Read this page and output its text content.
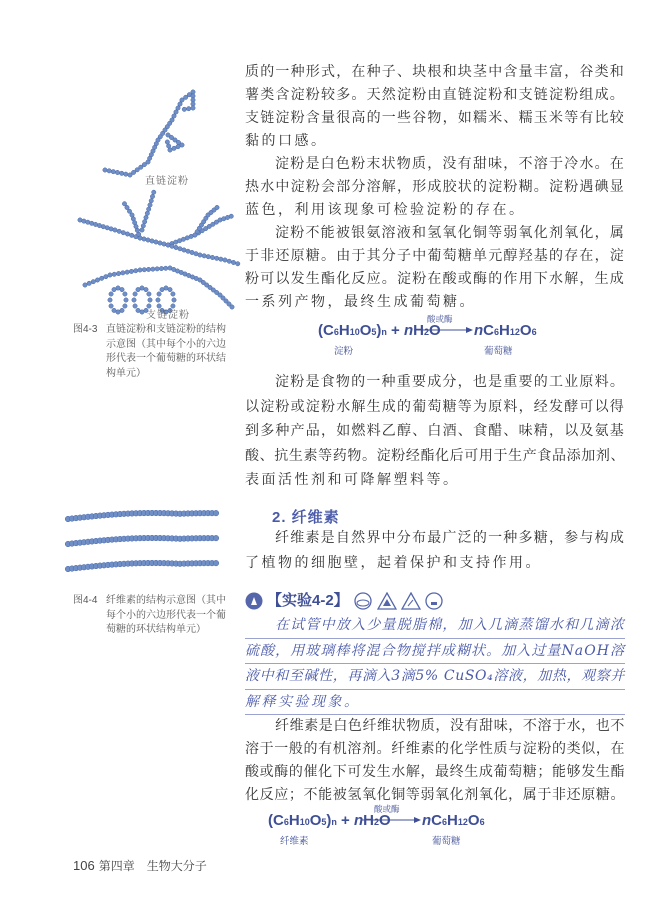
直链淀粉
支链淀粉
图4-3 直链淀粉和支链淀粉的结构
示意图（其中每个小的六边
形代表一个葡萄糖的环状结
构单元）
图4-4 纤维素的结构示意图（其中
每个小的六边形代表一个葡
萄糖的环状结构单元）
质的一种形式，在种子、块根和块茎中含量丰富，谷类和
薯类含淀粉较多。天然淀粉由直链淀粉和支链淀粉组成。
支链淀粉含量很高的一些谷物，如糯米、糯玉米等有比较
黏的口感。
淀粉是白色粉末状物质，没有甜味，不溶于冷水。在
热水中淀粉会部分溶解，形成胶状的淀粉糊。淀粉遇碘显
蓝色，利用该现象可检验淀粉的存在。
淀粉不能被银氨溶液和氢氧化铜等弱氧化剂氧化，属
于非还原糖。由于其分子中葡萄糖单元醇羟基的存在，淀
粉可以发生酯化反应。淀粉在酸或酶的作用下水解，生成
一系列产物，最终生成葡萄糖。
(C6H10O5)n + nH2O
酸或酶
nC6H12O6
淀粉	葡萄糖
淀粉是食物的一种重要成分，也是重要的工业原料。
以淀粉或淀粉水解生成的葡萄糖等为原料，经发酵可以得
到多种产品，如燃料乙醇、白酒、食醋、味精，以及氨基
酸、抗生素等药物。淀粉经酯化后可用于生产食品添加剂、
表面活性剂和可降解塑料等。
2. 纤维素
纤维素是自然界中分布最广泛的一种多糖，参与构成
了植物的细胞壁，起着保护和支持作用。
【实验4-2】
在试管中放入少量脱脂棉，加入几滴蒸馏水和几滴浓
硫酸，用玻璃棒将混合物搅拌成糊状。加入过量NaOH溶
液中和至碱性，再滴入3滴5% CuSO₄溶液，加热，观察并
解释实验现象。
纤维素是白色纤维状物质，没有甜味，不溶于水，也不
溶于一般的有机溶剂。纤维素的化学性质与淀粉的类似，在
酸或酶的催化下可发生水解，最终生成葡萄糖；能够发生酯
化反应；不能被氢氧化铜等弱氧化剂氧化，属于非还原糖。
(C6H10O5)n + nH2O
酸或酶
nC6H12O6
纤维素	葡萄糖
106 第四章　生物大分子
